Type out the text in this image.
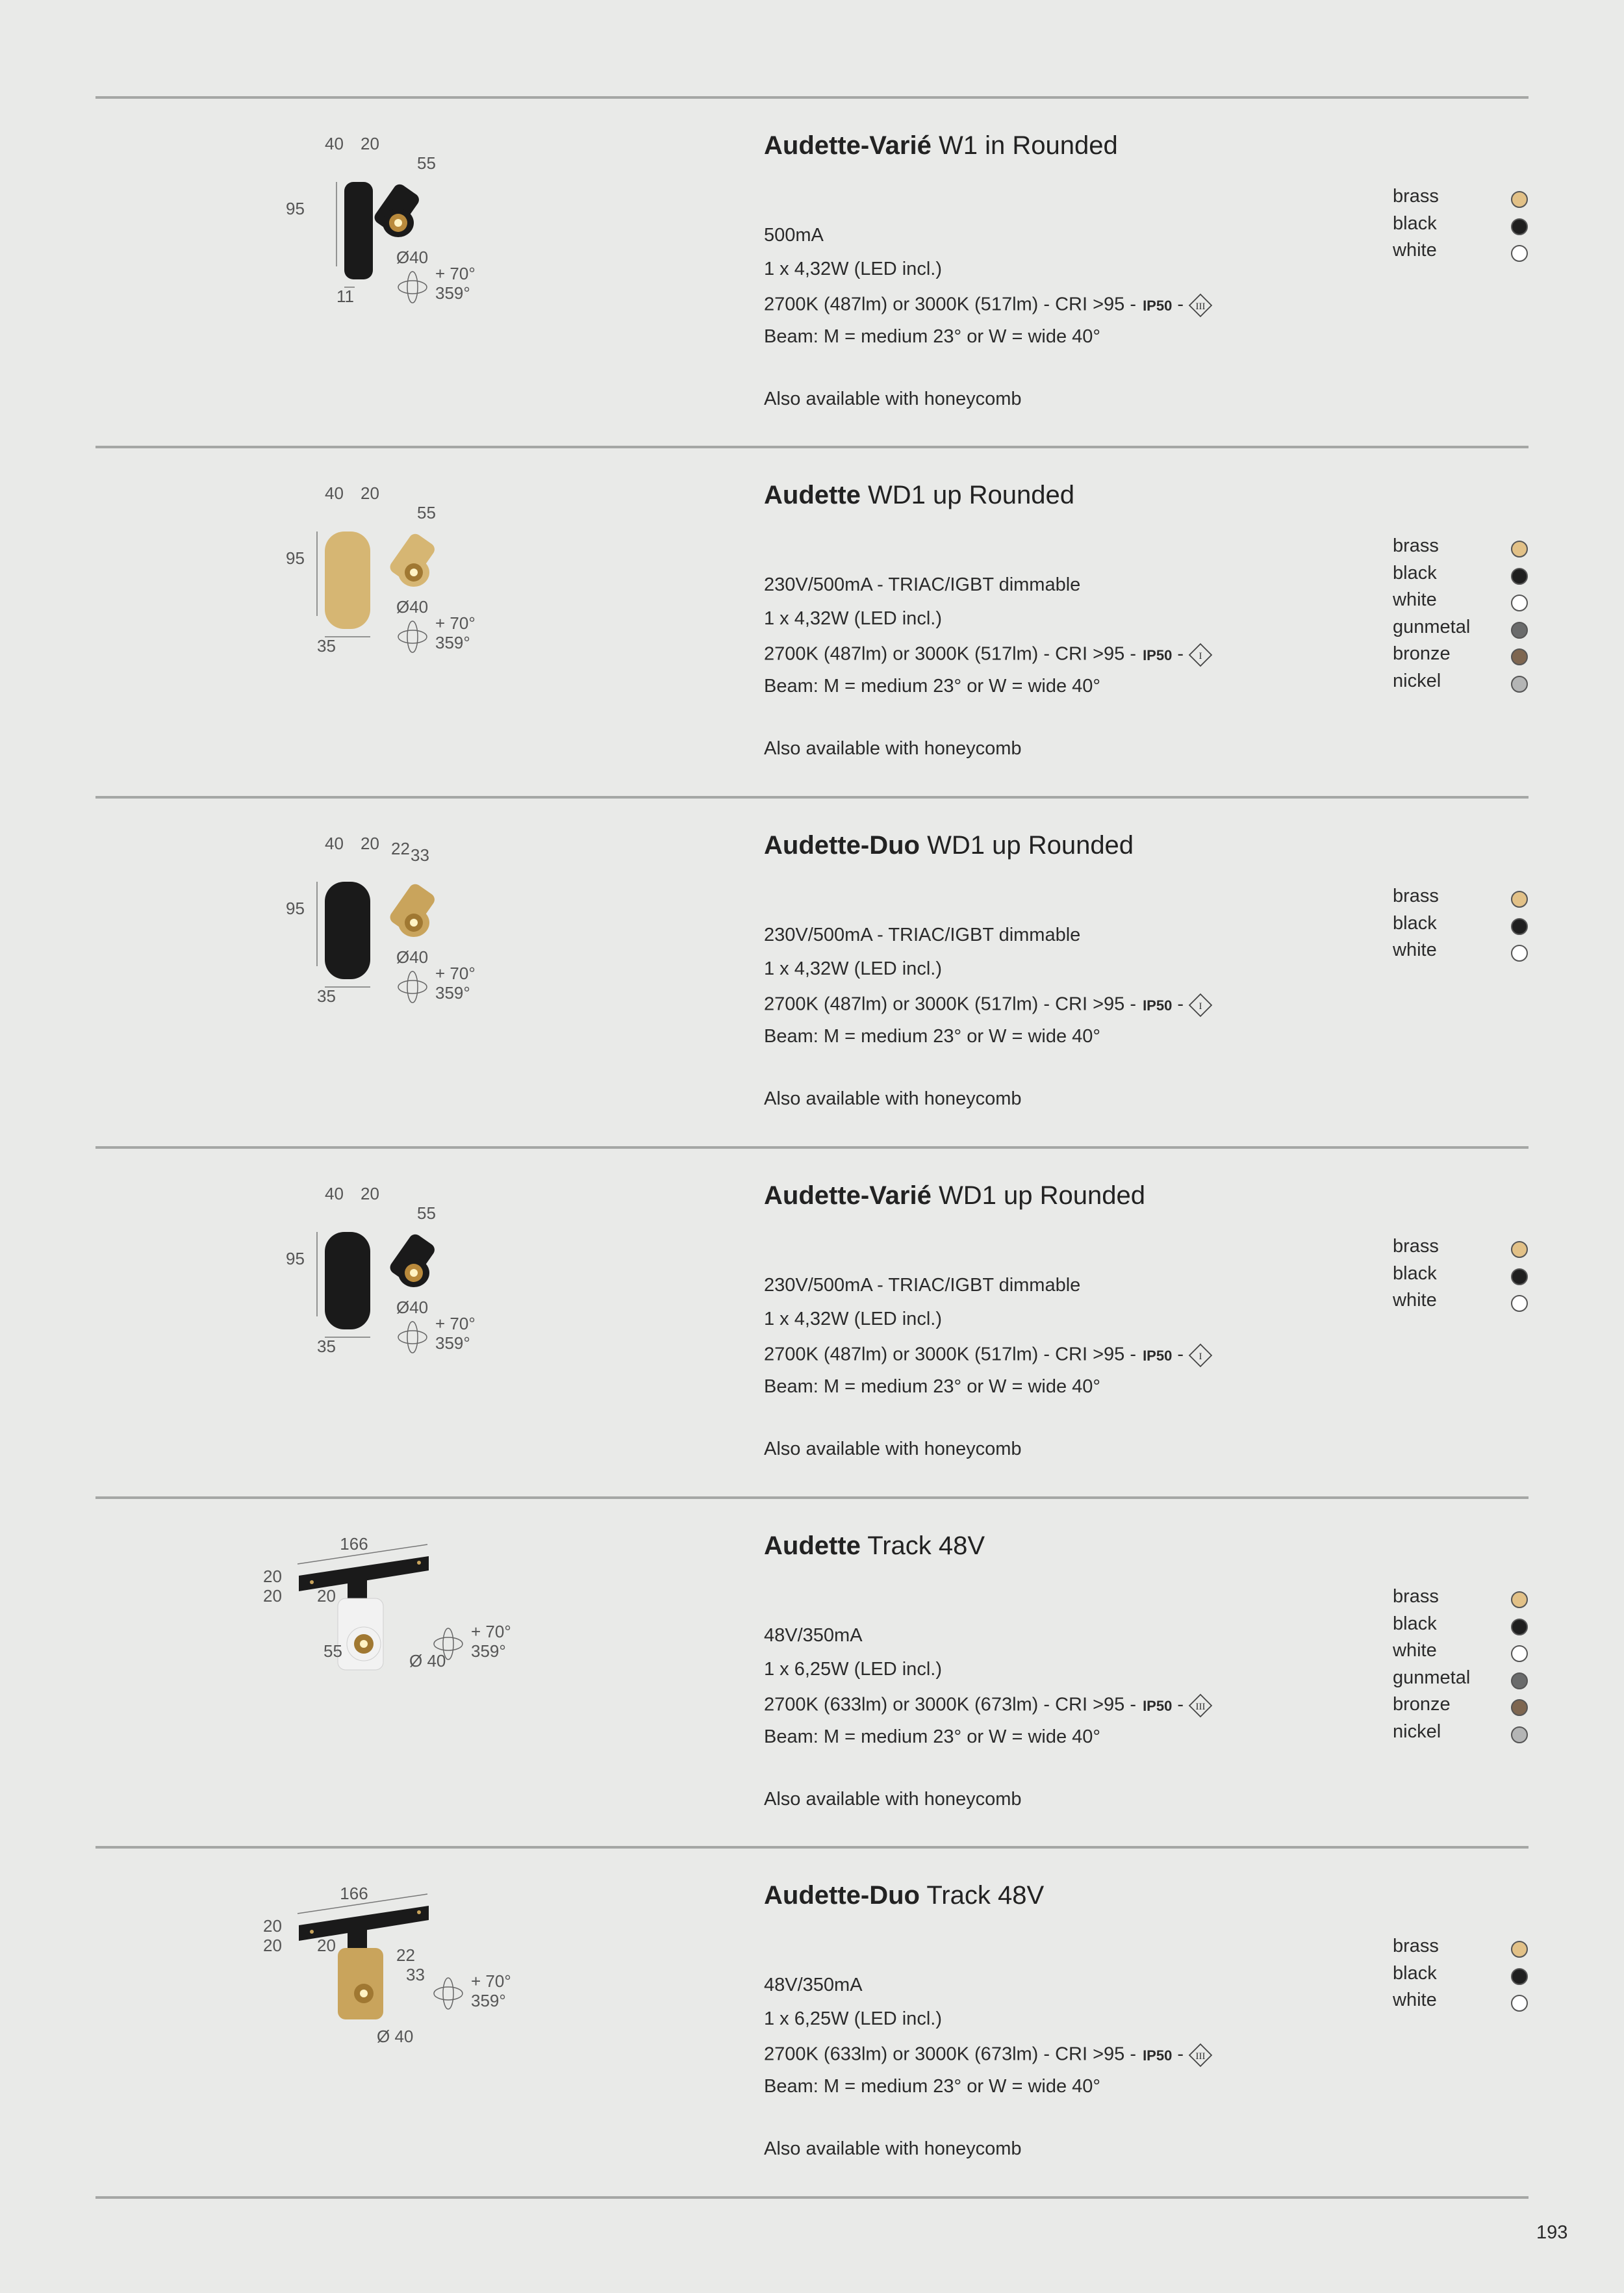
40 20
55
95
11
Ø40
+ 70°
359°
Audette-Varié W1 in Rounded
500mA
1 x 4,32W (LED incl.)
2700K (487lm) or 3000K (517lm) - CRI >95 - IP50 - III
Beam: M = medium 23° or W = wide 40°
Also available with honeycomb
brass
black
white
40 20
55
95
35
Ø40
+ 70°
359°
Audette WD1 up Rounded
230V/500mA - TRIAC/IGBT dimmable
1 x 4,32W (LED incl.)
2700K (487lm) or 3000K (517lm) - CRI >95 - IP50 - I
Beam: M = medium 23° or W = wide 40°
Also available with honeycomb
brass
black
white
gunmetal
bronze
nickel
40 20 22 33
95
35
Ø40
+ 70°
359°
Audette-Duo WD1 up Rounded
230V/500mA - TRIAC/IGBT dimmable
1 x 4,32W (LED incl.)
2700K (487lm) or 3000K (517lm) - CRI >95 - IP50 - I
Beam: M = medium 23° or W = wide 40°
Also available with honeycomb
brass
black
white
40 20
55
95
35
Ø40
+ 70°
359°
Audette-Varié WD1 up Rounded
230V/500mA - TRIAC/IGBT dimmable
1 x 4,32W (LED incl.)
2700K (487lm) or 3000K (517lm) - CRI >95 - IP50 - I
Beam: M = medium 23° or W = wide 40°
Also available with honeycomb
brass
black
white
166
20
20 20
55	Ø 40
+ 70°
359°
Audette Track 48V
48V/350mA
1 x 6,25W (LED incl.)
2700K (633lm) or 3000K (673lm) - CRI >95 - IP50 - III
Beam: M = medium 23° or W = wide 40°
Also available with honeycomb
brass
black
white
gunmetal
bronze
nickel
166
20
20 20	22
33
Ø 40
+ 70°
359°
Audette-Duo Track 48V
48V/350mA
1 x 6,25W (LED incl.)
2700K (633lm) or 3000K (673lm) - CRI >95 - IP50 - III
Beam: M = medium 23° or W = wide 40°
Also available with honeycomb
brass
black
white
193
